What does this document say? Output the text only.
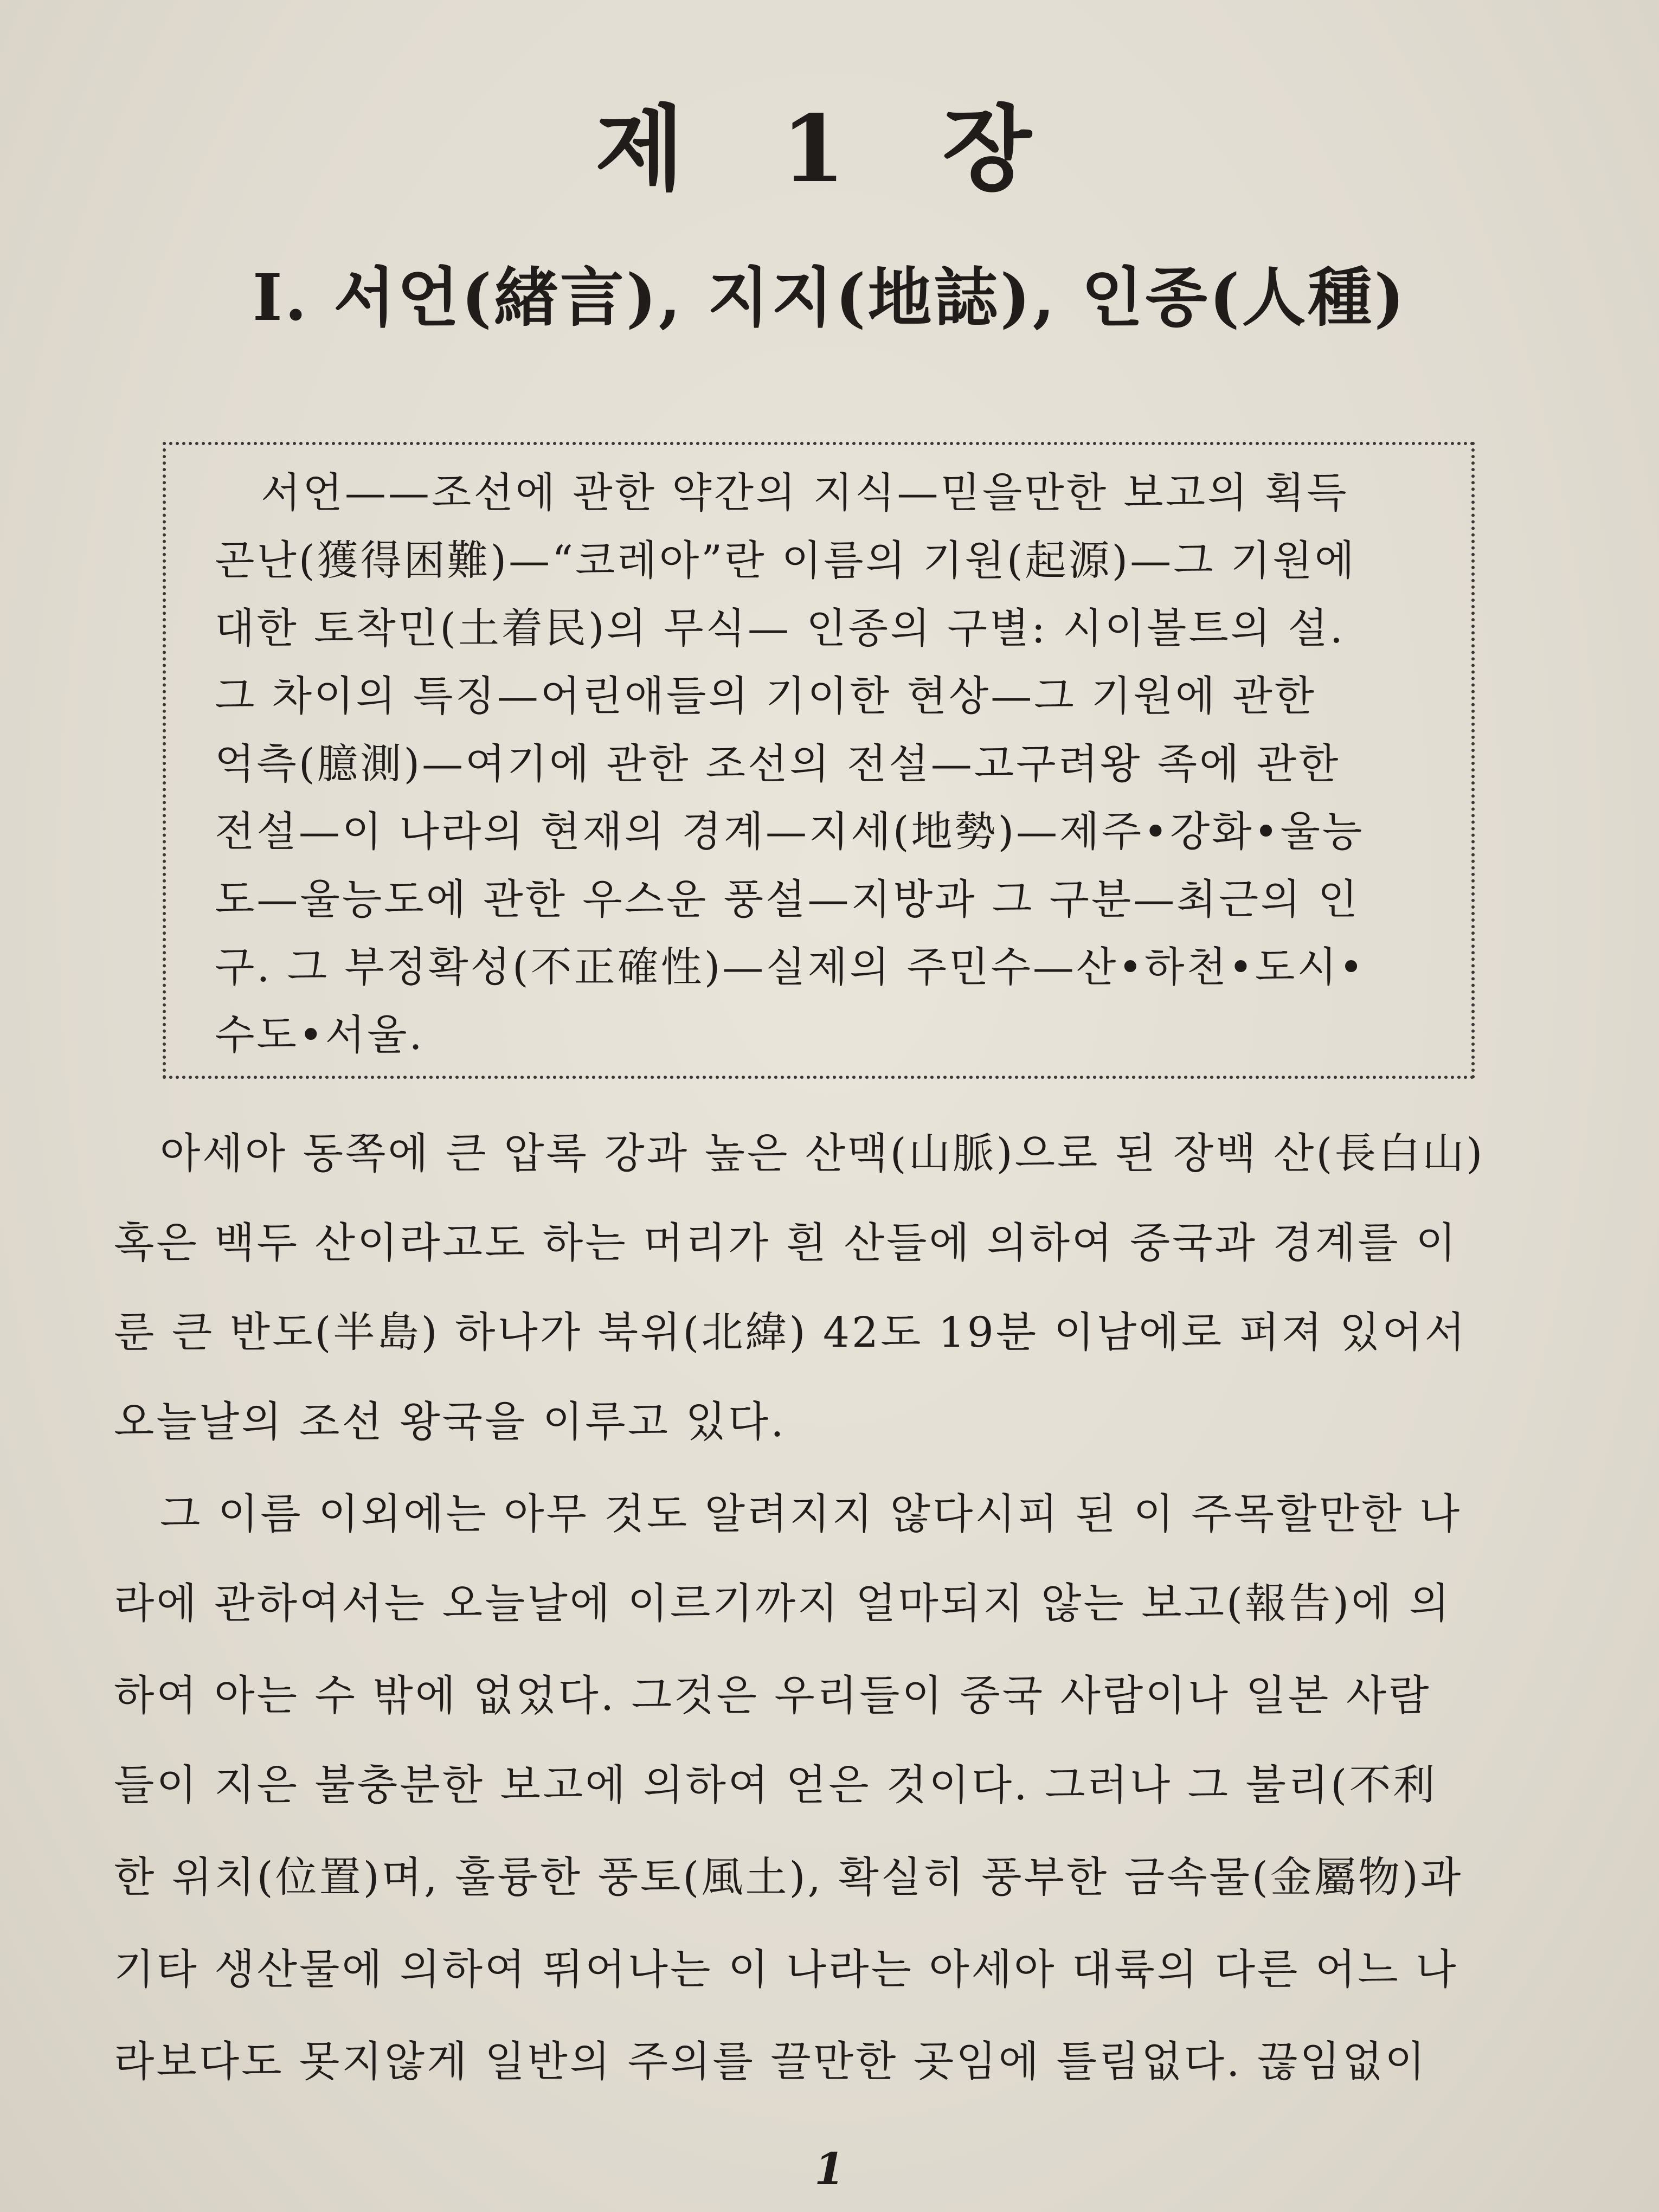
제 1 장
Ⅰ. 서언(緖言), 지지(地誌), 인종(人種)
서언——조선에 관한 약간의 지식—믿을만한 보고의 획득
곤난(獲得困難)—“코레아”란 이름의 기원(起源)—그 기원에
대한 토착민(土着民)의 무식— 인종의 구별: 시이볼트의 설.
그 차이의 특징—어린애들의 기이한 현상—그 기원에 관한
억측(臆測)—여기에 관한 조선의 전설—고구려왕 족에 관한
전설—이 나라의 현재의 경계—지세(地勢)—제주•강화•울능
도—울능도에 관한 우스운 풍설—지방과 그 구분—최근의 인
구. 그 부정확성(不正確性)—실제의 주민수—산•하천•도시•
수도•서울.
아세아 동쪽에 큰 압록 강과 높은 산맥(山脈)으로 된 장백 산(長白山)
혹은 백두 산이라고도 하는 머리가 흰 산들에 의하여 중국과 경계를 이
룬 큰 반도(半島) 하나가 북위(北緯) 42도 19분 이남에로 퍼져 있어서
오늘날의 조선 왕국을 이루고 있다.
그 이름 이외에는 아무 것도 알려지지 않다시피 된 이 주목할만한 나
라에 관하여서는 오늘날에 이르기까지 얼마되지 않는 보고(報告)에 의
하여 아는 수 밖에 없었다. 그것은 우리들이 중국 사람이나 일본 사람
들이 지은 불충분한 보고에 의하여 얻은 것이다. 그러나 그 불리(不利
한 위치(位置)며, 훌륭한 풍토(風土), 확실히 풍부한 금속물(金屬物)과
기타 생산물에 의하여 뛰어나는 이 나라는 아세아 대륙의 다른 어느 나
라보다도 못지않게 일반의 주의를 끌만한 곳임에 틀림없다. 끊임없이
1
